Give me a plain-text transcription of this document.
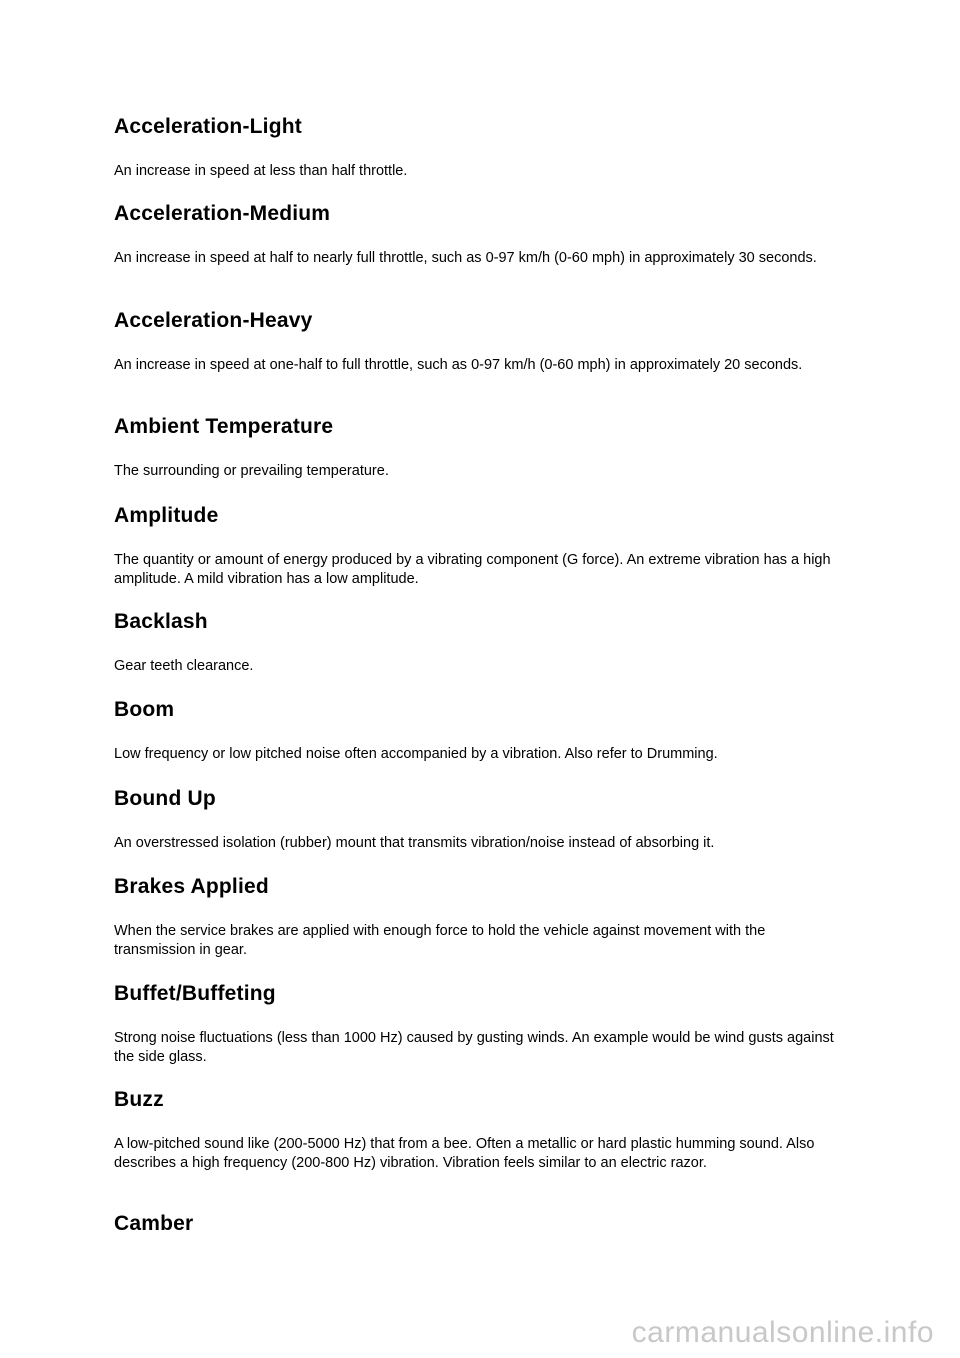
Acceleration-Light

An increase in speed at less than half throttle.

Acceleration-Medium

An increase in speed at half to nearly full throttle, such as 0-97 km/h (0-60 mph) in approximately 30 seconds.

Acceleration-Heavy

An increase in speed at one-half to full throttle, such as 0-97 km/h (0-60 mph) in approximately 20 seconds.

Ambient Temperature

The surrounding or prevailing temperature.

Amplitude

The quantity or amount of energy produced by a vibrating component (G force). An extreme vibration has a high amplitude. A mild vibration has a low amplitude.

Backlash

Gear teeth clearance.

Boom

Low frequency or low pitched noise often accompanied by a vibration. Also refer to Drumming.

Bound Up

An overstressed isolation (rubber) mount that transmits vibration/noise instead of absorbing it.

Brakes Applied

When the service brakes are applied with enough force to hold the vehicle against movement with the transmission in gear.

Buffet/Buffeting

Strong noise fluctuations (less than 1000 Hz) caused by gusting winds. An example would be wind gusts against the side glass.

Buzz

A low-pitched sound like (200-5000 Hz) that from a bee. Often a metallic or hard plastic humming sound. Also describes a high frequency (200-800 Hz) vibration. Vibration feels similar to an electric razor.

Camber
carmanualsonline.info
